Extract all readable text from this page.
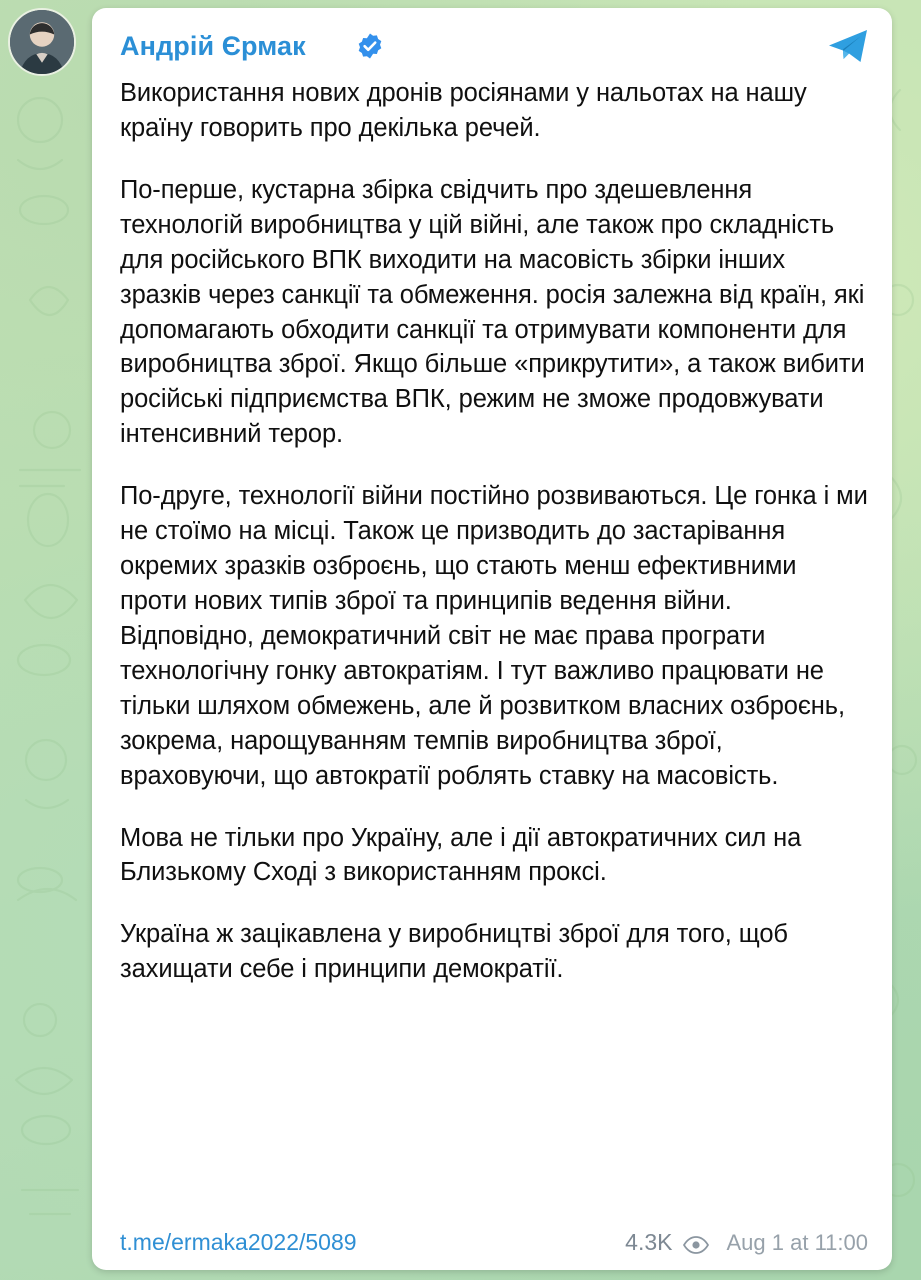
Андрій Єрмак

Використання нових дронів росіянами у нальотах на нашу країну говорить про декілька речей.

По-перше, кустарна збірка свідчить про здешевлення технологій виробництва у цій війні, але також про складність для російського ВПК виходити на масовість збірки інших зразків через санкції та обмеження. росія залежна від країн, які допомагають обходити санкції та отримувати компоненти для виробництва зброї. Якщо більше «прикрутити», а також вибити російські підприємства ВПК, режим не зможе продовжувати інтенсивний терор.

По-друге, технології війни постійно розвиваються. Це гонка і ми не стоїмо на місці. Також це призводить до застарівання окремих зразків озброєнь, що стають менш ефективними проти нових типів зброї та принципів ведення війни. Відповідно, демократичний світ не має права програти технологічну гонку автократіям. І тут важливо працювати не тільки шляхом обмежень, але й розвитком власних озброєнь, зокрема, нарощуванням темпів виробництва зброї, враховуючи, що автократії роблять ставку на масовість.

Мова не тільки про Україну, але і дії автократичних сил на Близькому Сході з використанням проксі.

Україна ж зацікавлена у виробництві зброї для того, щоб захищати себе і принципи демократії.

t.me/ermaka2022/5089	4.3K Aug 1 at 11:00
